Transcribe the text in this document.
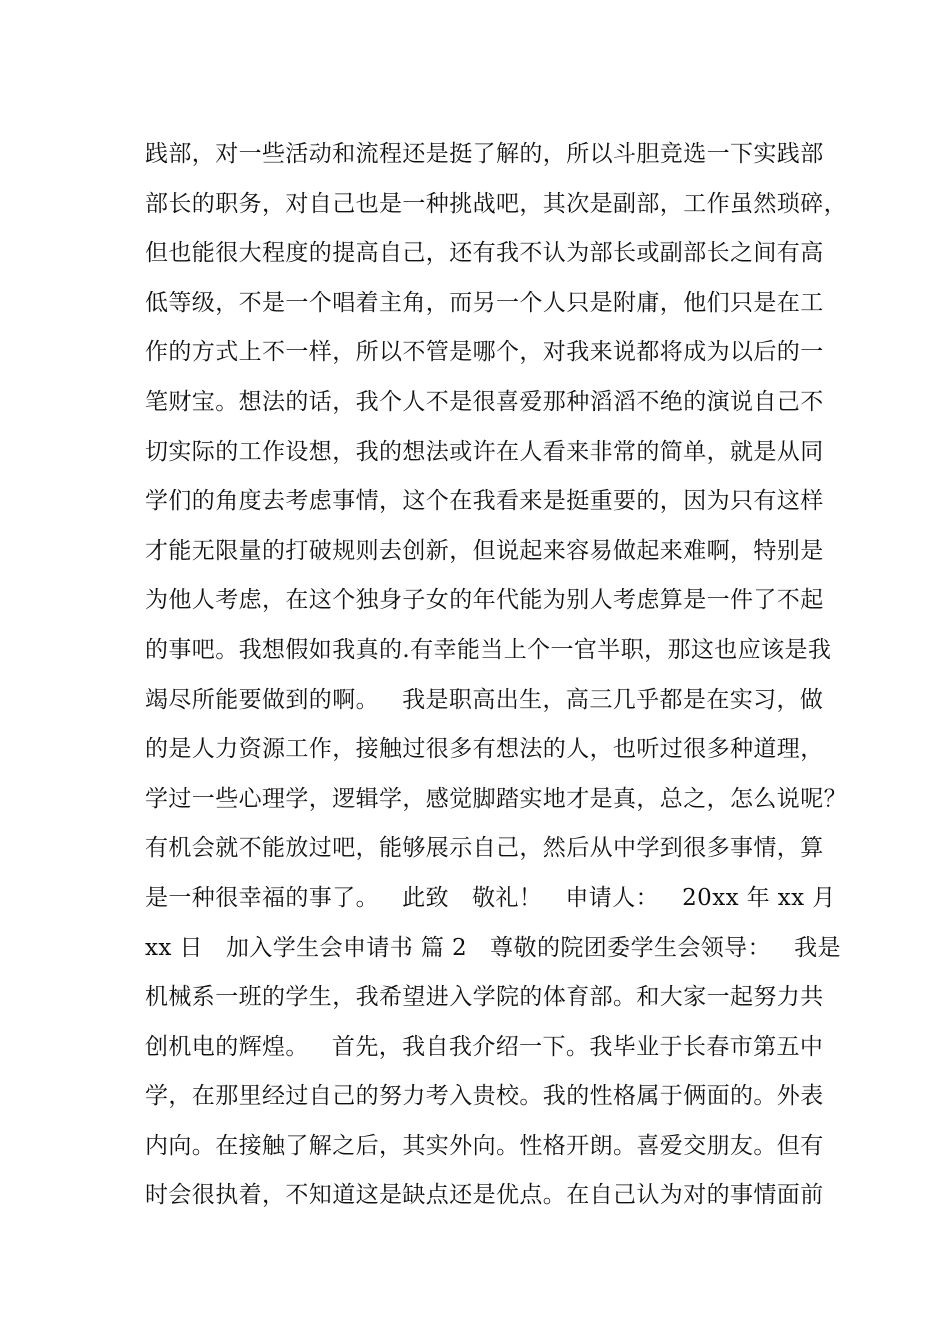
践部，对一些活动和流程还是挺了解的，所以斗胆竞选一下实践部
部长的职务，对自己也是一种挑战吧，其次是副部，工作虽然琐碎，
但也能很大程度的提高自己，还有我不认为部长或副部长之间有高
低等级，不是一个唱着主角，而另一个人只是附庸，他们只是在工
作的方式上不一样，所以不管是哪个，对我来说都将成为以后的一
笔财宝。想法的话，我个人不是很喜爱那种滔滔不绝的演说自己不
切实际的工作设想，我的想法或许在人看来非常的简单，就是从同
学们的角度去考虑事情，这个在我看来是挺重要的，因为只有这样
才能无限量的打破规则去创新，但说起来容易做起来难啊，特别是
为他人考虑，在这个独身子女的年代能为别人考虑算是一件了不起
的事吧。我想假如我真的.有幸能当上个一官半职，那这也应该是我
竭尽所能要做到的啊。   我是职高出生，高三几乎都是在实习，做
的是人力资源工作，接触过很多有想法的人，也听过很多种道理，
学过一些心理学，逻辑学，感觉脚踏实地才是真，总之，怎么说呢？
有机会就不能放过吧，能够展示自己，然后从中学到很多事情，算
是一种很幸福的事了。   此致   敬礼！   申请人：   20xx 年 xx 月
xx 日   加入学生会申请书 篇 2   尊敬的院团委学生会领导：   我是
机械系一班的学生，我希望进入学院的体育部。和大家一起努力共
创机电的辉煌。   首先，我自我介绍一下。我毕业于长春市第五中
学，在那里经过自己的努力考入贵校。我的性格属于俩面的。外表
内向。在接触了解之后，其实外向。性格开朗。喜爱交朋友。但有
时会很执着，不知道这是缺点还是优点。在自己认为对的事情面前
